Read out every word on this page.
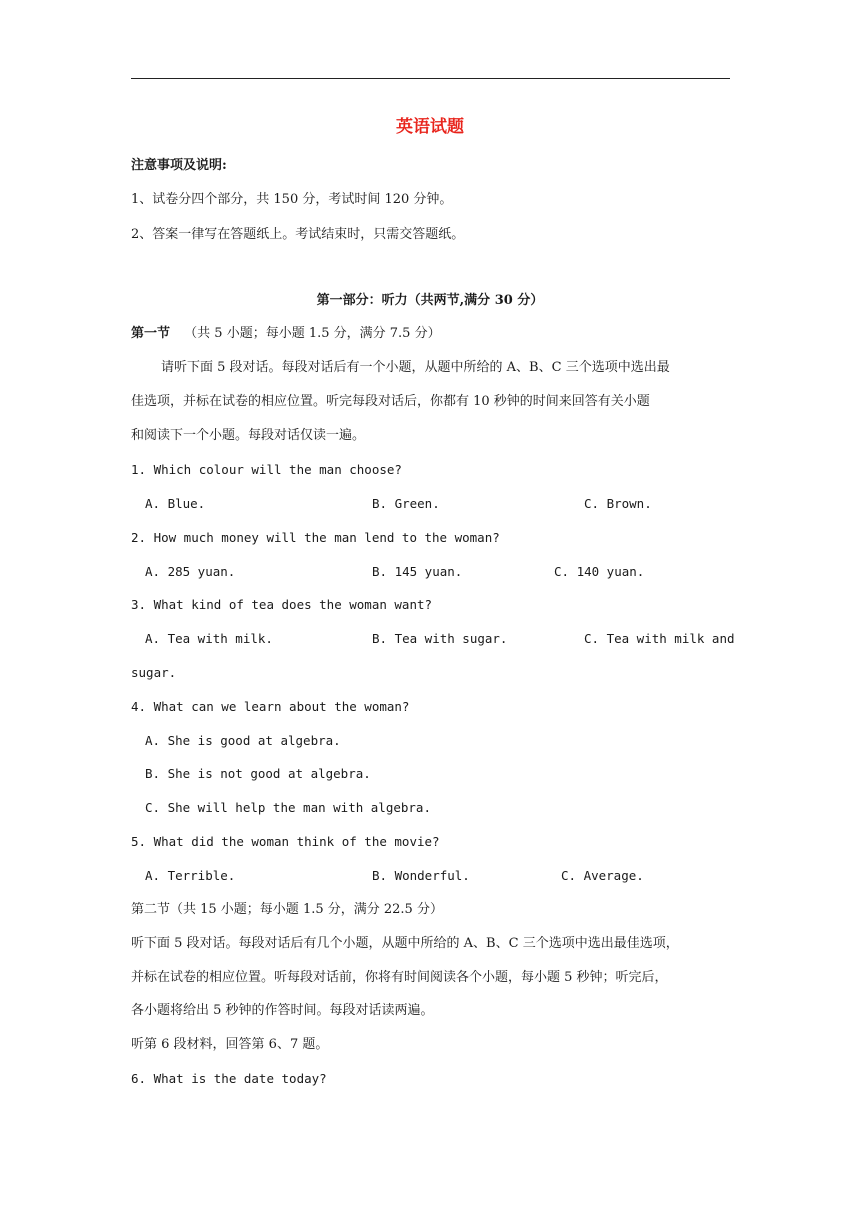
英语试题
注意事项及说明:
1、试卷分四个部分，共 150 分，考试时间 120 分钟。
2、答案一律写在答题纸上。考试结束时，只需交答题纸。
第一部分：听力（共两节,满分 30 分）
第一节 （共 5 小题；每小题 1.5 分，满分 7.5 分）
请听下面 5 段对话。每段对话后有一个小题，从题中所给的 A、B、C 三个选项中选出最
佳选项，并标在试卷的相应位置。听完每段对话后，你都有 10 秒钟的时间来回答有关小题
和阅读下一个小题。每段对话仅读一遍。
1. Which colour will the man choose?
A. Blue.	B. Green.	C. Brown.
2. How much money will the man lend to the woman?
A. 285 yuan.	B. 145 yuan.	C. 140 yuan.
3. What kind of tea does the woman want?
A. Tea with milk.	B. Tea with sugar.	C. Tea with milk and
sugar.
4. What can we learn about the woman?
A. She is good at algebra.
B. She is not good at algebra.
C. She will help the man with algebra.
5. What did the woman think of the movie?
A. Terrible.	B. Wonderful.	C. Average.
第二节（共 15 小题；每小题 1.5 分，满分 22.5 分）
听下面 5 段对话。每段对话后有几个小题，从题中所给的 A、B、C 三个选项中选出最佳选项，
并标在试卷的相应位置。听每段对话前，你将有时间阅读各个小题，每小题 5 秒钟；听完后，
各小题将给出 5 秒钟的作答时间。每段对话读两遍。
听第 6 段材料，回答第 6、7 题。
6. What is the date today?
